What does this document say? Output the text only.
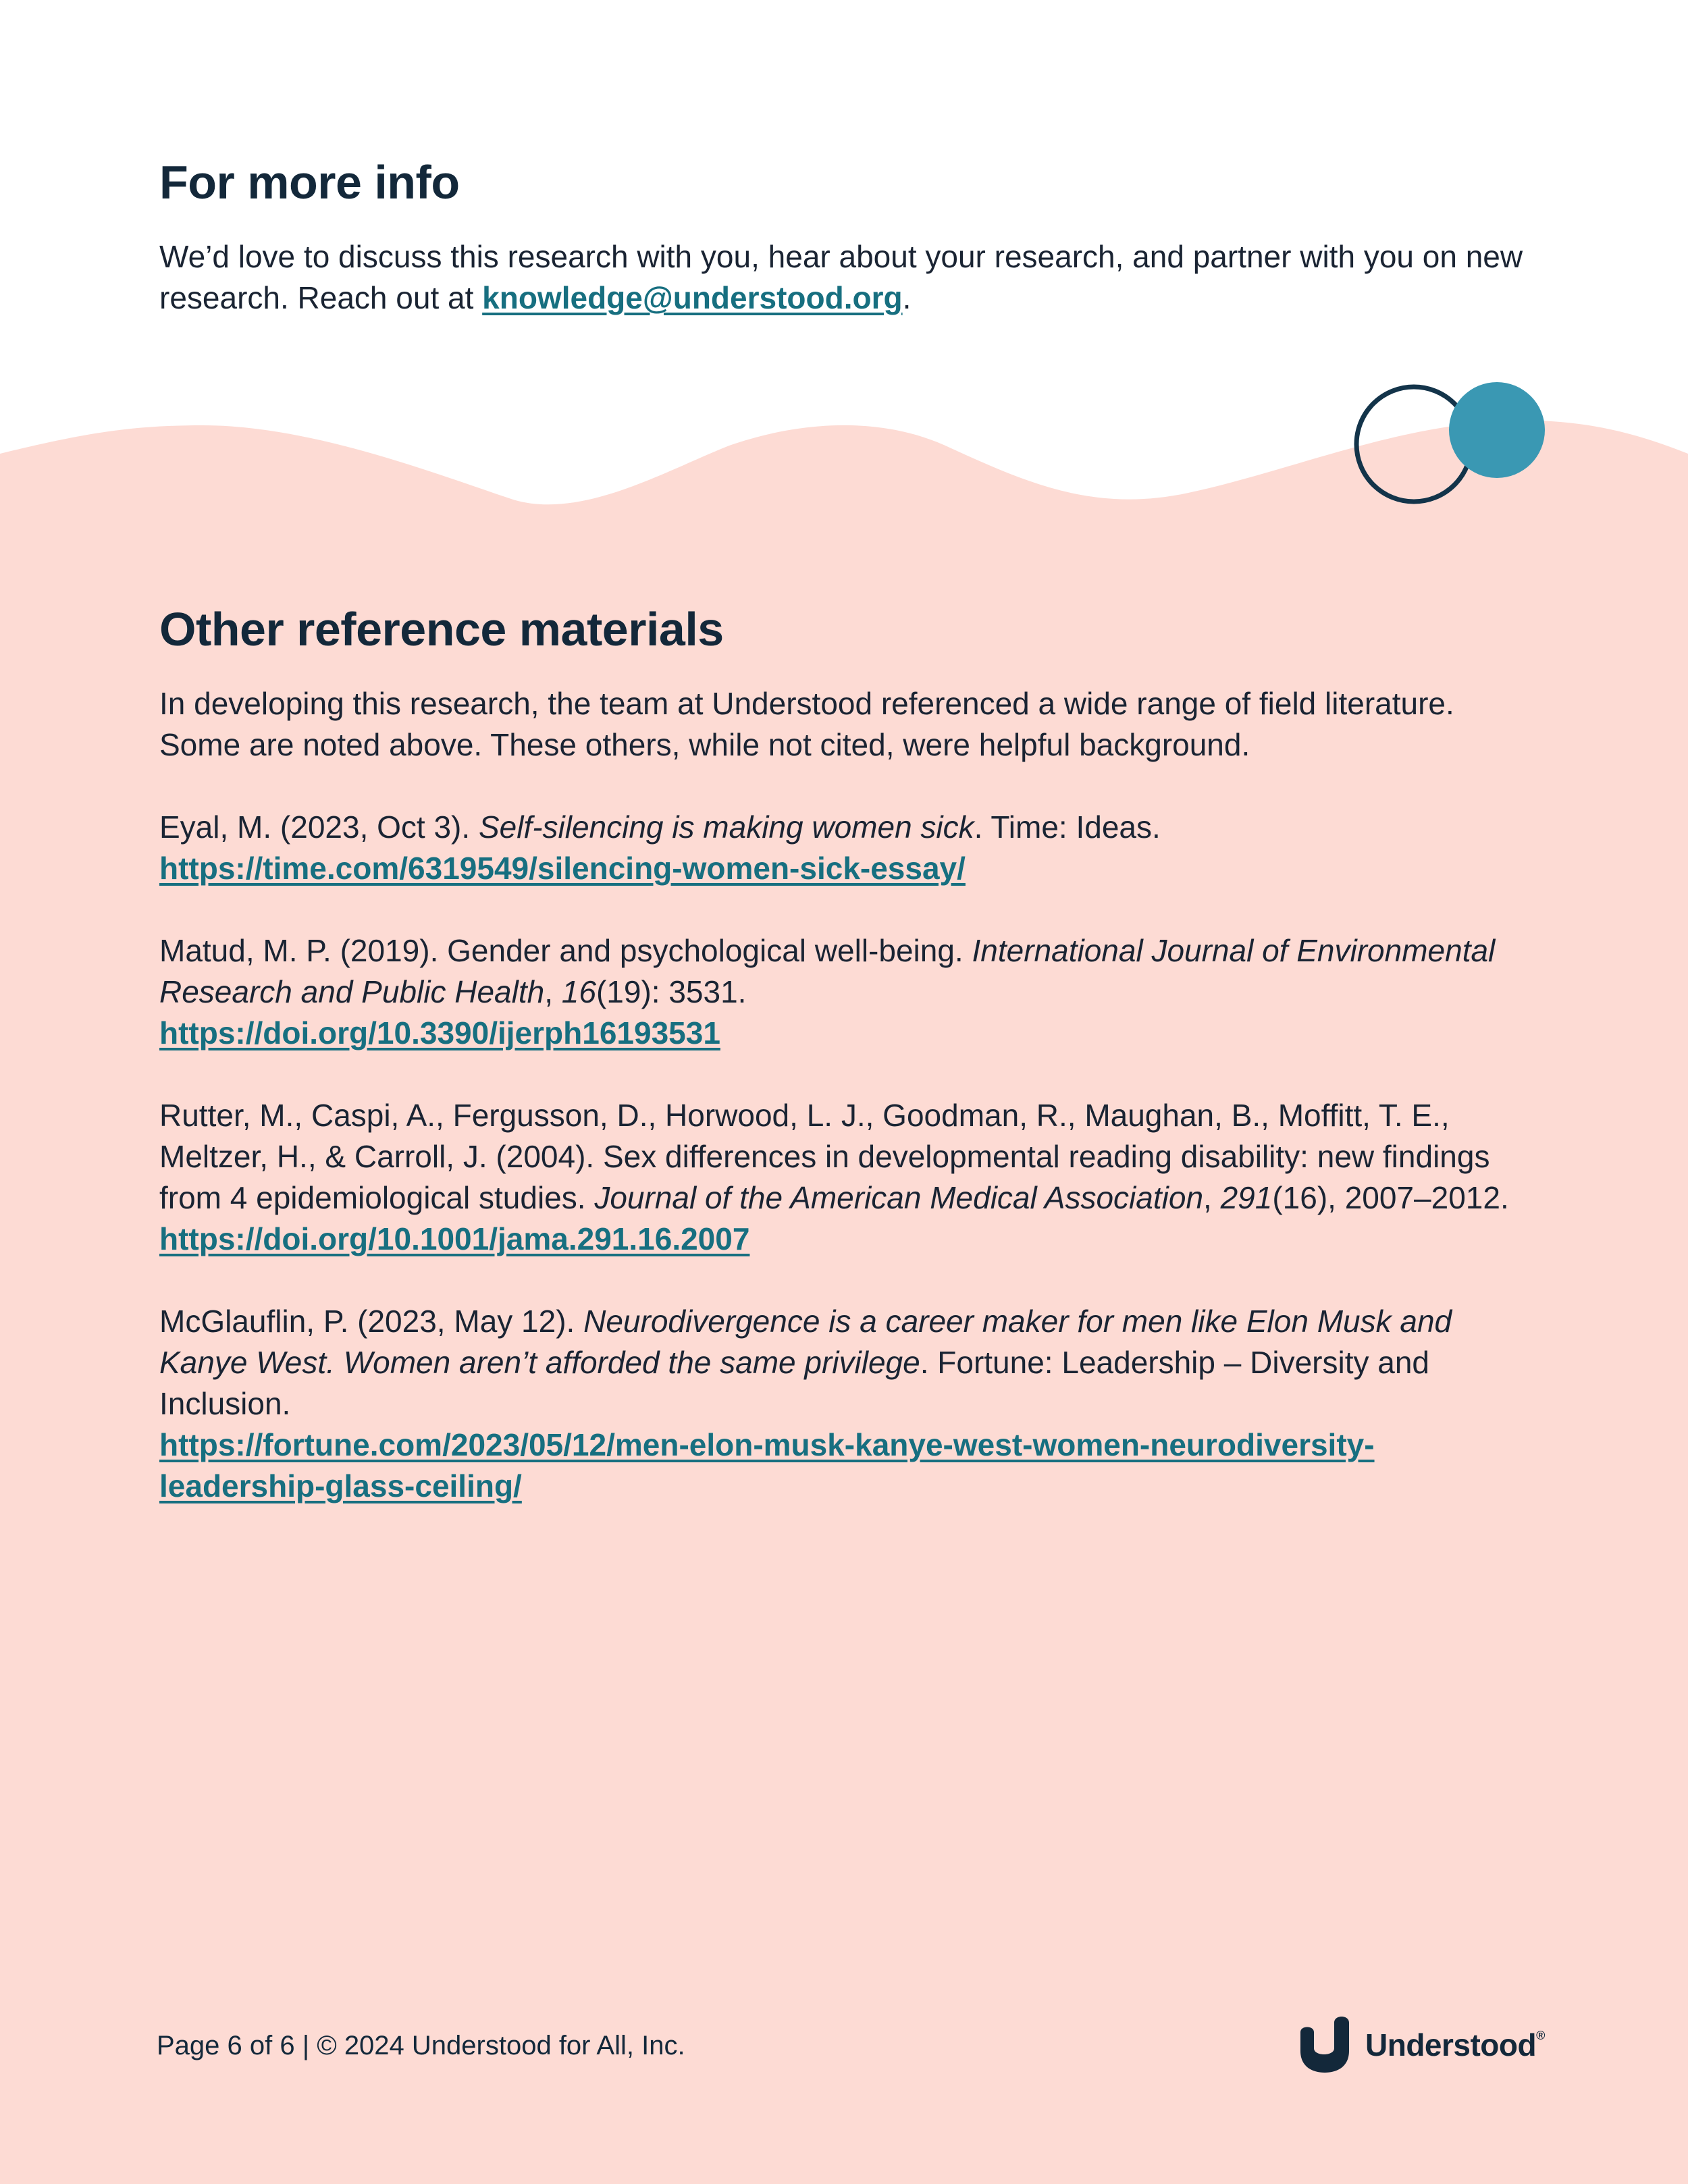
For more info

We’d love to discuss this research with you, hear about your research, and partner with you on new research. Reach out at knowledge@understood.org.

Other reference materials

In developing this research, the team at Understood referenced a wide range of field literature. Some are noted above. These others, while not cited, were helpful background.

Eyal, M. (2023, Oct 3). Self-silencing is making women sick. Time: Ideas.

https://time.com/6319549/silencing-women-sick-essay/

Matud, M. P. (2019). Gender and psychological well-being. International Journal of Environmental Research and Public Health, 16(19): 3531.

https://doi.org/10.3390/ijerph16193531

Rutter, M., Caspi, A., Fergusson, D., Horwood, L. J., Goodman, R., Maughan, B., Moffitt, T. E., Meltzer, H., & Carroll, J. (2004). Sex differences in developmental reading disability: new findings from 4 epidemiological studies. Journal of the American Medical Association, 291(16), 2007–2012.

https://doi.org/10.1001/jama.291.16.2007

McGlauflin, P. (2023, May 12). Neurodivergence is a career maker for men like Elon Musk and Kanye West. Women aren’t afforded the same privilege. Fortune: Leadership – Diversity and Inclusion.

https://fortune.com/2023/05/12/men-elon-musk-kanye-west-women-neurodiversity-leadership-glass-ceiling/

Page 6 of 6 | © 2024 Understood for All, Inc.	Understood®
